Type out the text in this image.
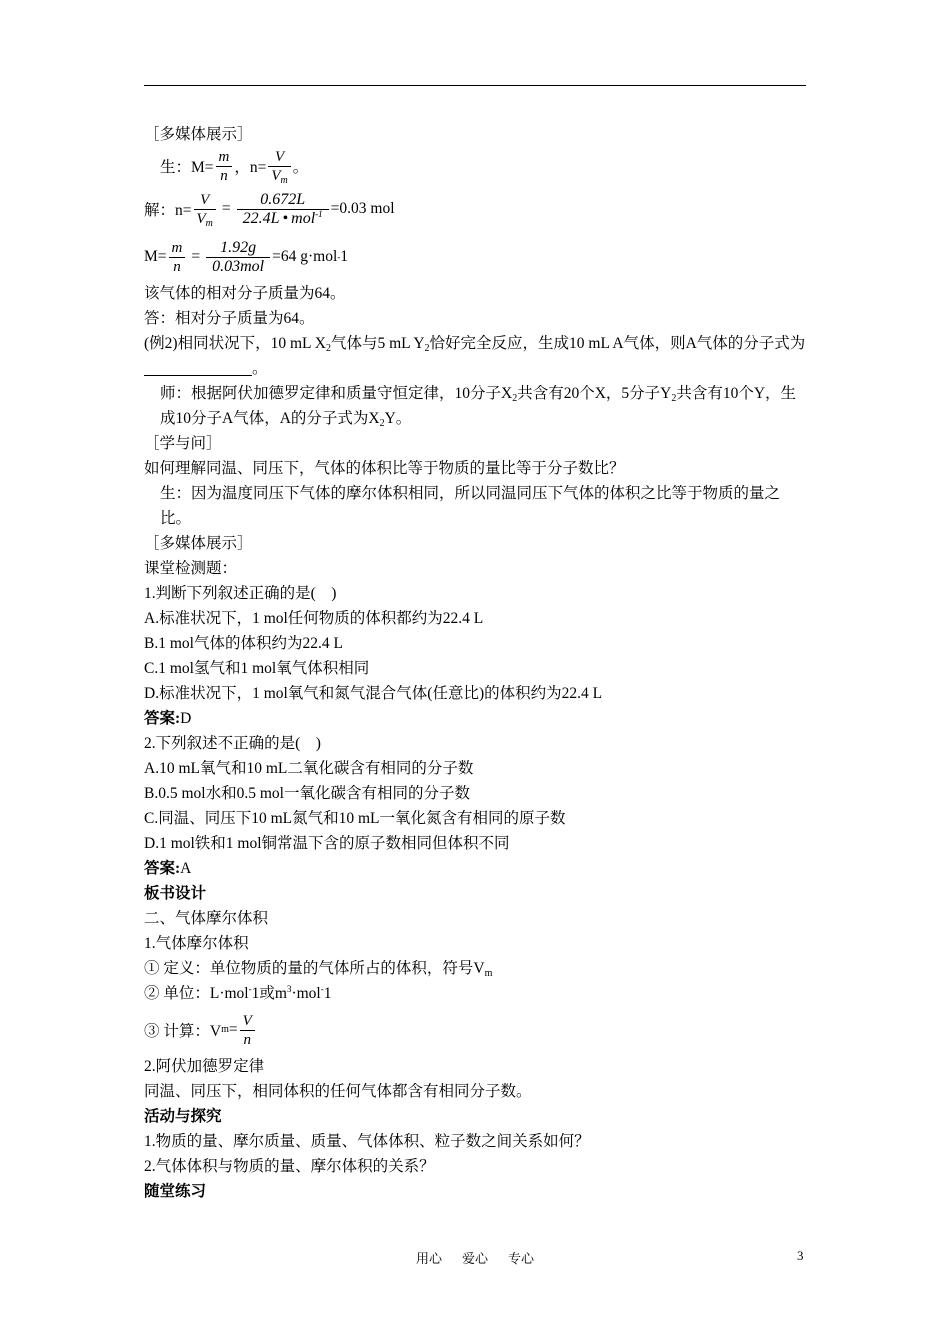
［多媒体展示］
生：$M= \frac{m}{n}$ ，$n= \frac{V}{V_m}$ 。
解：$n= \frac{V}{V_m} = \frac{0.672L}{22.4L • mol^{-1}} =0.03$ mol
$M= \frac{m}{n} = \frac{1.92g}{\text{0.03mol}} =64$ g·mol - 1
该气体的相对分子质量为64。
答：相对分子质量为64。
(例2)相同状况下，10 mL $X_2$气体与5 mL $Y_2$恰好完全反应，生成10 mL A气体，则A气体的分子式为。
师：根据阿伏加德罗定律和质量守恒定律，10分子$X_2$共含有20个X，5分子$Y_2$共含有10个Y，生成10分子A气体，A的分子式为$X_2Y$。
［学与问］
如何理解同温、同压下，气体的体积比等于物质的量比等于分子数比？
生：因为温度同压下气体的摩尔体积相同，所以同温同压下气体的体积之比等于物质的量之比。
［多媒体展示］
课堂检测题：
1.判断下列叙述正确的是(　)
A.标准状况下，1 mol任何物质的体积都约为22.4 L
B.1 mol气体的体积约为22.4 L
C.1 mol氢气和1 mol氧气体积相同
D.标准状况下，1 mol氧气和氮气混合气体(任意比)的体积约为22.4 L
答案:D
2.下列叙述不正确的是(　)
A.10 mL氧气和10 mL二氧化碳含有相同的分子数
B.0.5 mol水和0.5 mol一氧化碳含有相同的分子数
C.同温、同压下10 mL氮气和10 mL一氧化氮含有相同的原子数
D.1 mol铁和1 mol铜常温下含的原子数相同但体积不同
答案:A
板书设计
二、气体摩尔体积
1.气体摩尔体积
① 定义：单位物质的量的气体所占的体积，符号$V_m$
② 单位：L·mol-1或$m^3\cdot mol^-1$
③ 计算：V $m = \frac{V}{n}$
2.阿伏加德罗定律
同温、同压下，相同体积的任何气体都含有相同分子数。
活动与探究
1.物质的量、摩尔质量、质量、气体体积、粒子数之间关系如何？
2.气体体积与物质的量、摩尔体积的关系？
随堂练习
用心 爱心 专心	3
